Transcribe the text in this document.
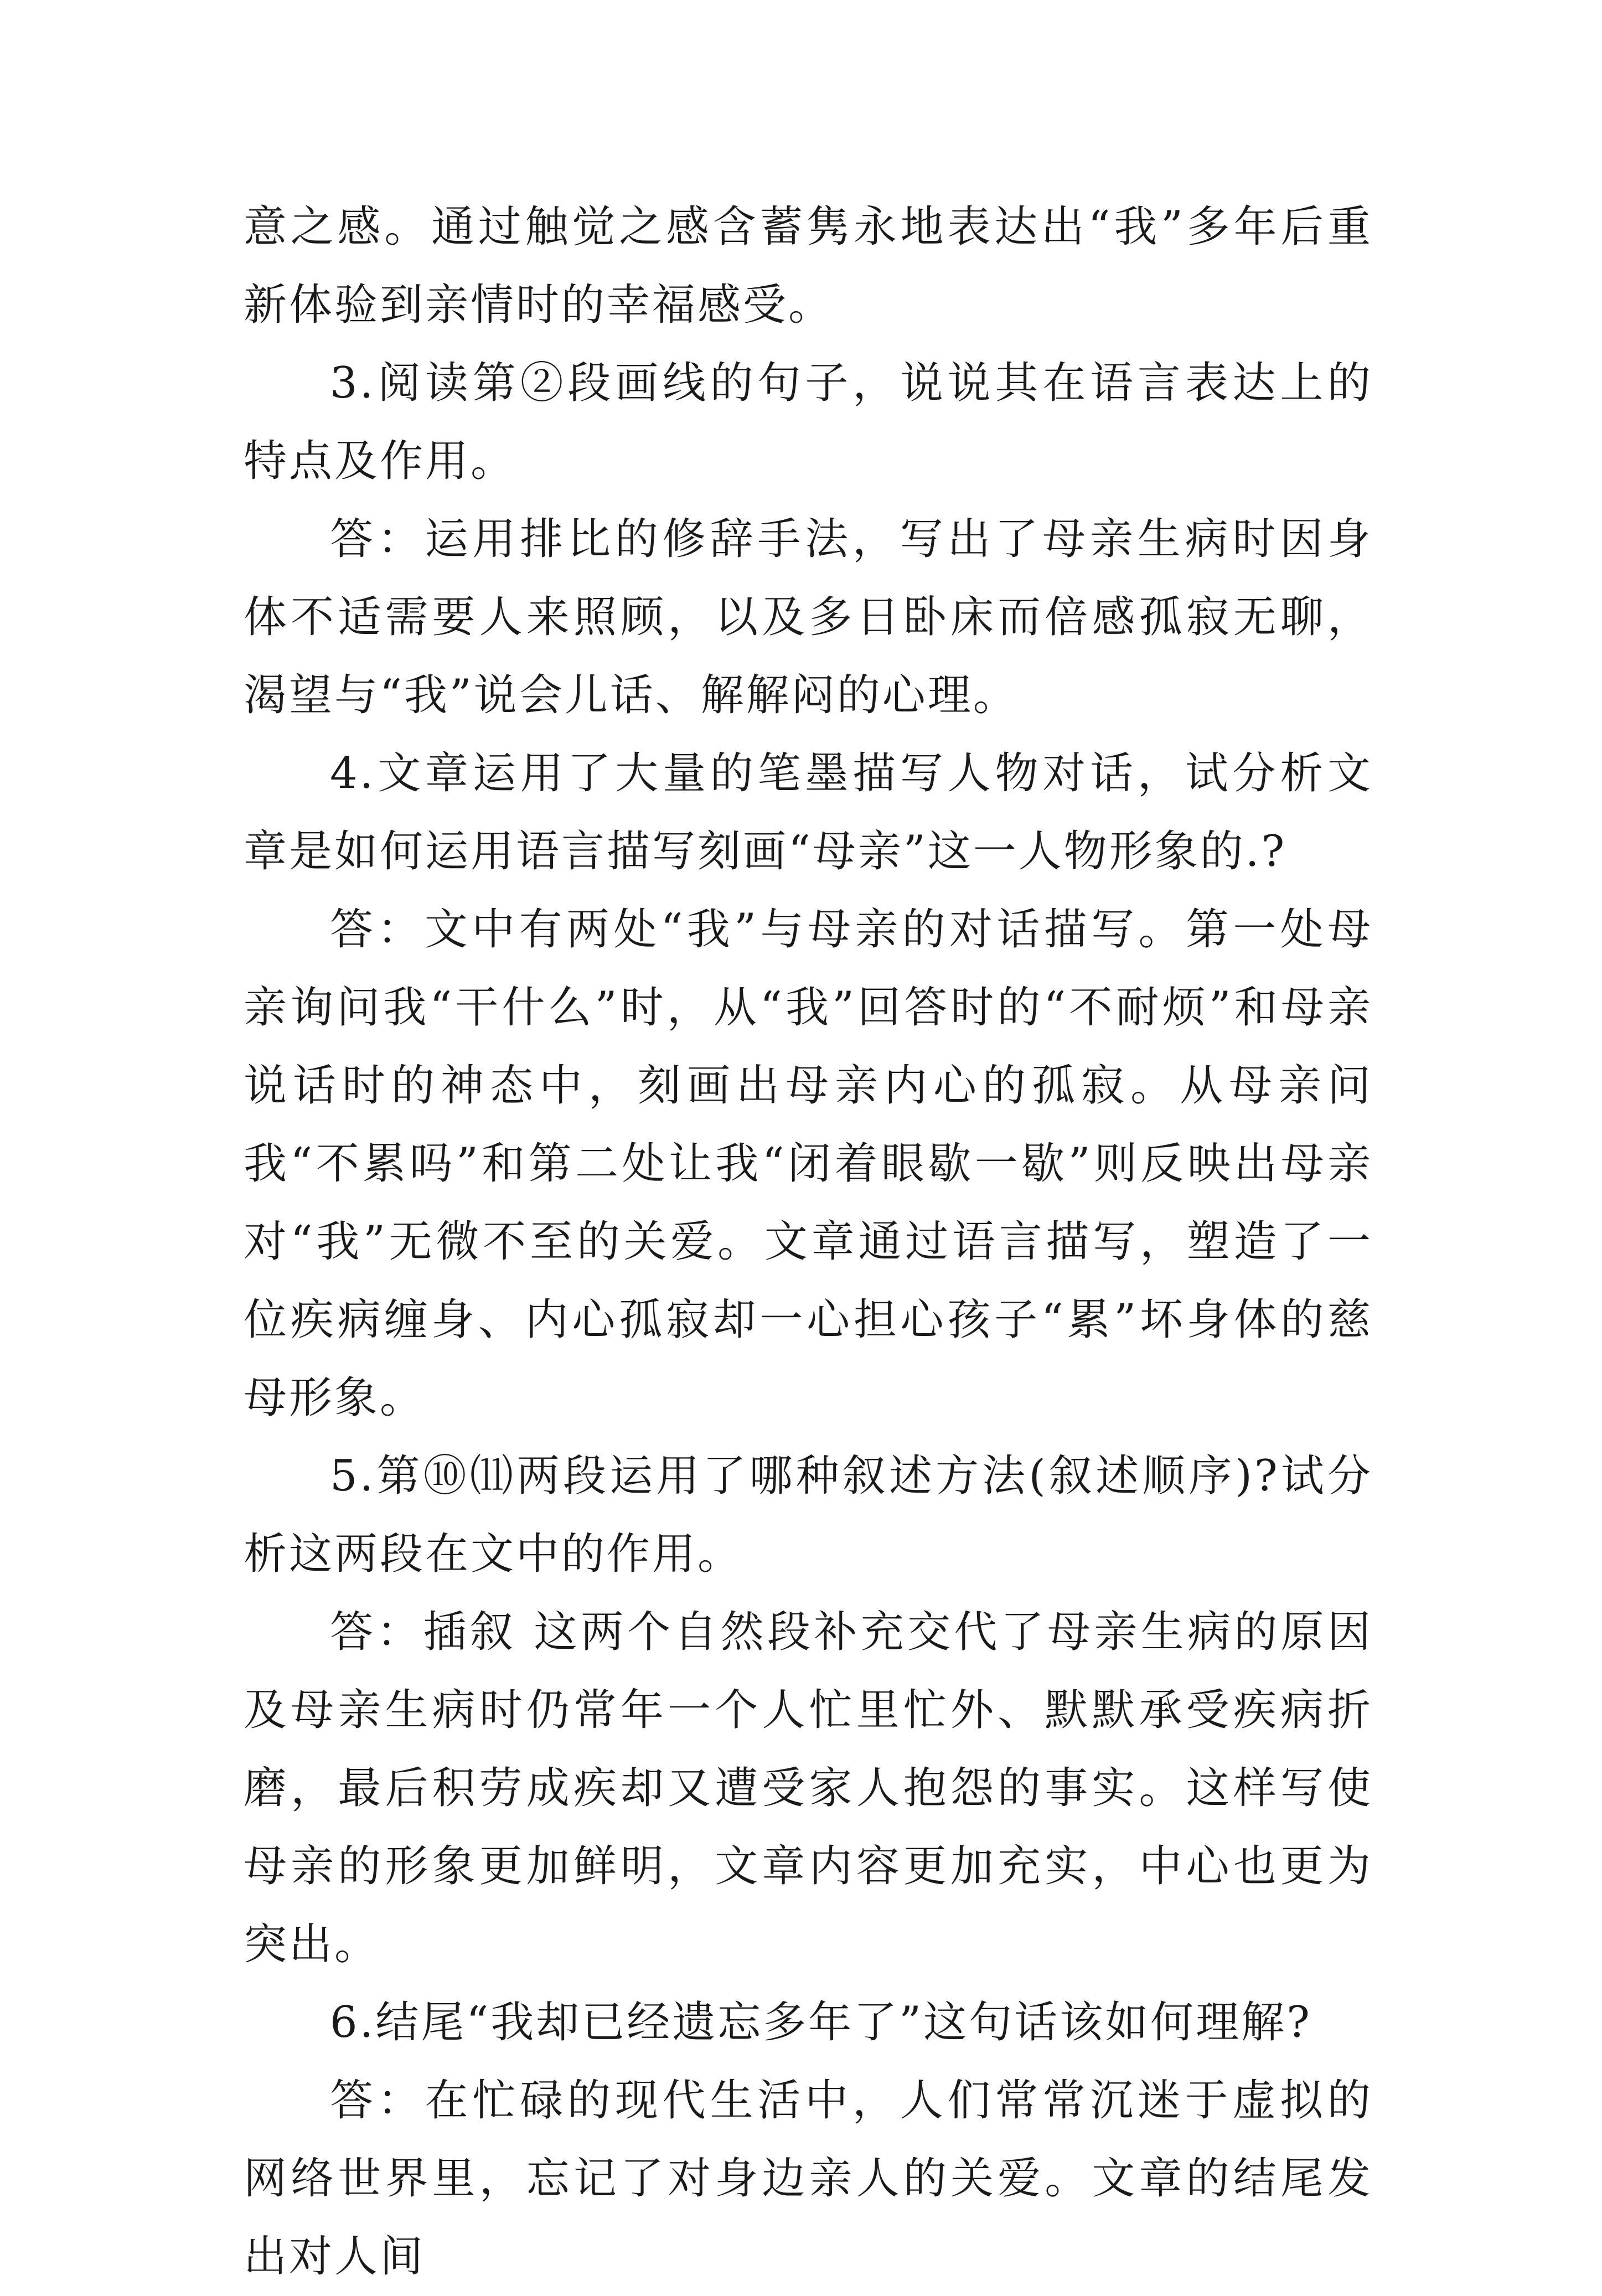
意之感。通过触觉之感含蓄隽永地表达出“我”多年后重新体验到亲情时的幸福感受。

3.阅读第②段画线的句子，说说其在语言表达上的特点及作用。

答：运用排比的修辞手法，写出了母亲生病时因身体不适需要人来照顾，以及多日卧床而倍感孤寂无聊，渴望与“我”说会儿话、解解闷的心理。

4.文章运用了大量的笔墨描写人物对话，试分析文章是如何运用语言描写刻画“母亲”这一人物形象的.?

答：文中有两处“我”与母亲的对话描写。第一处母亲询问我“干什么”时，从“我”回答时的“不耐烦”和母亲说话时的神态中，刻画出母亲内心的孤寂。从母亲问我“不累吗”和第二处让我“闭着眼歇一歇”则反映出母亲对“我”无微不至的关爱。文章通过语言描写，塑造了一位疾病缠身、内心孤寂却一心担心孩子“累”坏身体的慈母形象。

5.第⑩⑾两段运用了哪种叙述方法(叙述顺序)?试分析这两段在文中的作用。

答：插叙 这两个自然段补充交代了母亲生病的原因及母亲生病时仍常年一个人忙里忙外、默默承受疾病折磨，最后积劳成疾却又遭受家人抱怨的事实。这样写使母亲的形象更加鲜明，文章内容更加充实，中心也更为突出。

6.结尾“我却已经遗忘多年了”这句话该如何理解?

答：在忙碌的现代生活中，人们常常沉迷于虚拟的网络世界里，忘记了对身边亲人的关爱。文章的结尾发出对人间
